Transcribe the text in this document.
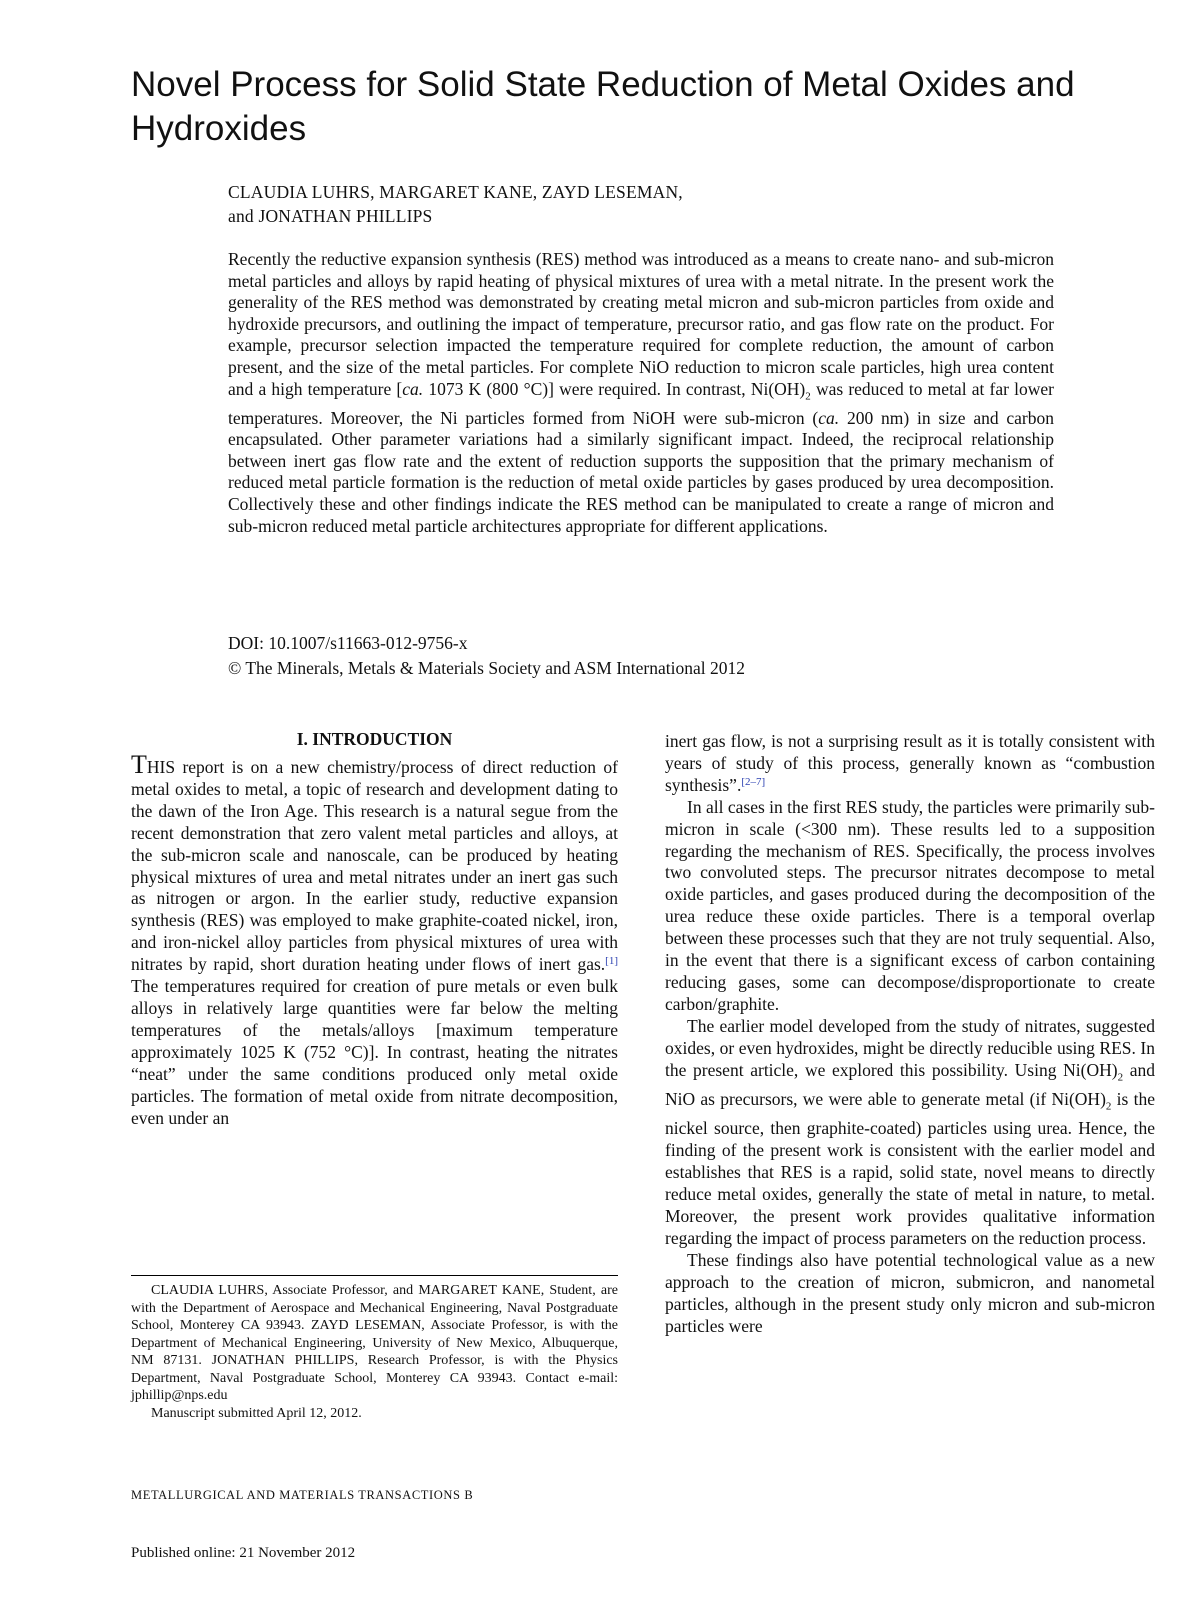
Novel Process for Solid State Reduction of Metal Oxides and Hydroxides
CLAUDIA LUHRS, MARGARET KANE, ZAYD LESEMAN,
and JONATHAN PHILLIPS

Recently the reductive expansion synthesis (RES) method was introduced as a means to create nano- and sub-micron metal particles and alloys by rapid heating of physical mixtures of urea with a metal nitrate. In the present work the generality of the RES method was demonstrated by creating metal micron and sub-micron particles from oxide and hydroxide precursors, and outlining the impact of temperature, precursor ratio, and gas flow rate on the product. For example, precursor selection impacted the temperature required for complete reduction, the amount of carbon present, and the size of the metal particles. For complete NiO reduction to micron scale particles, high urea content and a high temperature [ca. 1073 K (800 °C)] were required. In contrast, $Ni(OH)_2$ was reduced to metal at far lower temperatures. Moreover, the Ni particles formed from NiOH were sub-micron (ca. 200 nm) in size and carbon encapsulated. Other parameter variations had a similarly significant impact. Indeed, the reciprocal relationship between inert gas flow rate and the extent of reduction supports the supposition that the primary mechanism of reduced metal particle formation is the reduction of metal oxide particles by gases produced by urea decomposition. Collectively these and other findings indicate the RES method can be manipulated to create a range of micron and sub-micron reduced metal particle architectures appropriate for different applications.

DOI: 10.1007/s11663-012-9756-x
© The Minerals, Metals & Materials Society and ASM International 2012
I. INTRODUCTION

THIS report is on a new chemistry/process of direct reduction of metal oxides to metal, a topic of research and development dating to the dawn of the Iron Age. This research is a natural segue from the recent demonstration that zero valent metal particles and alloys, at the sub-micron scale and nanoscale, can be produced by heating physical mixtures of urea and metal nitrates under an inert gas such as nitrogen or argon. In the earlier study, reductive expansion synthesis (RES) was employed to make graphite-coated nickel, iron, and iron-nickel alloy particles from physical mixtures of urea with nitrates by rapid, short duration heating under flows of inert gas.[1] The temperatures required for creation of pure metals or even bulk alloys in relatively large quantities were far below the melting temperatures of the metals/alloys [maximum temperature approximately 1025 K (752 °C)]. In contrast, heating the nitrates “neat” under the same conditions produced only metal oxide particles. The formation of metal oxide from nitrate decomposition, even under an

inert gas flow, is not a surprising result as it is totally consistent with years of study of this process, generally known as “combustion synthesis”.[2–7]

In all cases in the first RES study, the particles were primarily sub-micron in scale (<300 nm). These results led to a supposition regarding the mechanism of RES. Specifically, the process involves two convoluted steps. The precursor nitrates decompose to metal oxide particles, and gases produced during the decomposition of the urea reduce these oxide particles. There is a temporal overlap between these processes such that they are not truly sequential. Also, in the event that there is a significant excess of carbon containing reducing gases, some can decompose/disproportionate to create carbon/graphite.

The earlier model developed from the study of nitrates, suggested oxides, or even hydroxides, might be directly reducible using RES. In the present article, we explored this possibility. Using $Ni(OH)_2$ and NiO as precursors, we were able to generate metal (if $Ni(OH)_2$ is the nickel source, then graphite-coated) particles using urea. Hence, the finding of the present work is consistent with the earlier model and establishes that RES is a rapid, solid state, novel means to directly reduce metal oxides, generally the state of metal in nature, to metal. Moreover, the present work provides qualitative information regarding the impact of process parameters on the reduction process.

These findings also have potential technological value as a new approach to the creation of micron, submicron, and nanometal particles, although in the present study only micron and sub-micron particles were

CLAUDIA LUHRS, Associate Professor, and MARGARET KANE, Student, are with the Department of Aerospace and Mechanical Engineering, Naval Postgraduate School, Monterey CA 93943. ZAYD LESEMAN, Associate Professor, is with the Department of Mechanical Engineering, University of New Mexico, Albuquerque, NM 87131. JONATHAN PHILLIPS, Research Professor, is with the Physics Department, Naval Postgraduate School, Monterey CA 93943. Contact e-mail: jphillip@nps.edu

Manuscript submitted April 12, 2012.

METALLURGICAL AND MATERIALS TRANSACTIONS B
Published online: 21 November 2012
